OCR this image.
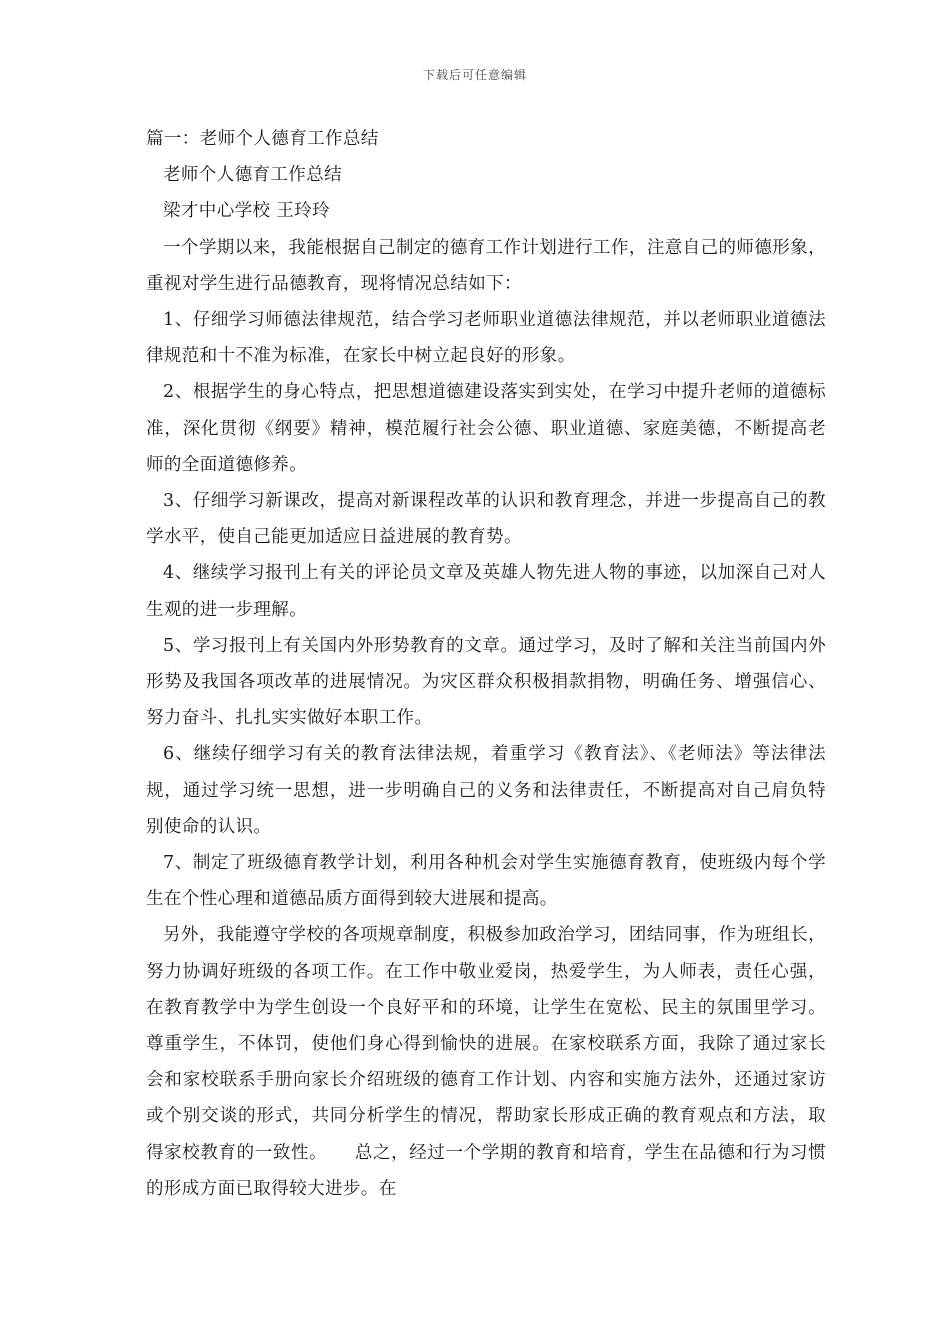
下载后可任意编辑
篇一：老师个人德育工作总结
老师个人德育工作总结
梁才中心学校 王玲玲

一个学期以来，我能根据自己制定的德育工作计划进行工作，注意自己的师德形象，重视对学生进行品德教育，现将情况总结如下：

1、仔细学习师德法律规范，结合学习老师职业道德法律规范，并以老师职业道德法律规范和十不准为标准，在家长中树立起良好的形象。

2、根据学生的身心特点，把思想道德建设落实到实处，在学习中提升老师的道德标准，深化贯彻《纲要》精神，模范履行社会公德、职业道德、家庭美德，不断提高老师的全面道德修养。

3、仔细学习新课改，提高对新课程改革的认识和教育理念，并进一步提高自己的教学水平，使自己能更加适应日益进展的教育势。

4、继续学习报刊上有关的评论员文章及英雄人物先进人物的事迹，以加深自己对人生观的进一步理解。

5、学习报刊上有关国内外形势教育的文章。通过学习，及时了解和关注当前国内外形势及我国各项改革的进展情况。为灾区群众积极捐款捐物，明确任务、增强信心、努力奋斗、扎扎实实做好本职工作。

6、继续仔细学习有关的教育法律法规，着重学习《教育法》、《老师法》等法律法规，通过学习统一思想，进一步明确自己的义务和法律责任，不断提高对自己肩负特别使命的认识。

7、制定了班级德育教学计划，利用各种机会对学生实施德育教育，使班级内每个学生在个性心理和道德品质方面得到较大进展和提高。

另外，我能遵守学校的各项规章制度，积极参加政治学习，团结同事，作为班组长，努力协调好班级的各项工作。在工作中敬业爱岗，热爱学生，为人师表，责任心强，在教育教学中为学生创设一个良好平和的环境，让学生在宽松、民主的氛围里学习。尊重学生，不体罚，使他们身心得到愉快的进展。在家校联系方面，我除了通过家长会和家校联系手册向家长介绍班级的德育工作计划、内容和实施方法外，还通过家访或个别交谈的形式，共同分析学生的情况，帮助家长形成正确的教育观点和方法，取得家校教育的一致性。　　总之，经过一个学期的教育和培育，学生在品德和行为习惯的形成方面已取得较大进步。在
